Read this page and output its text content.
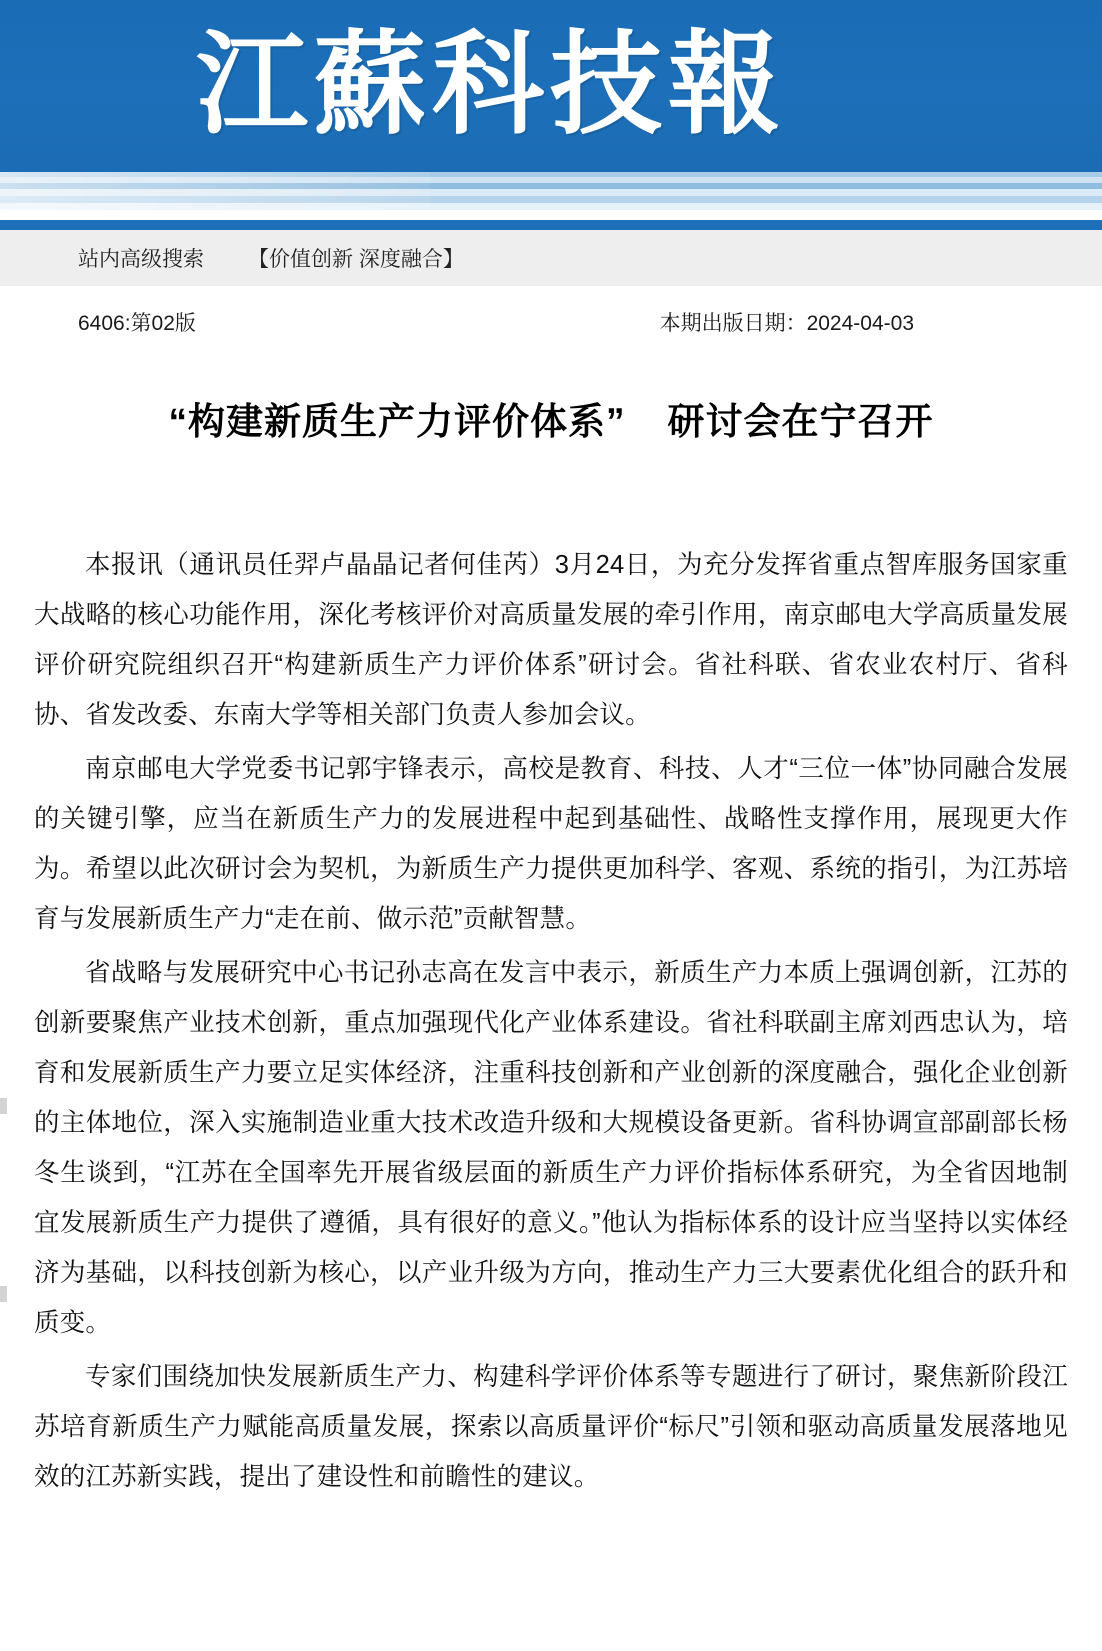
江蘇科技報
站内高级搜索 【价值创新 深度融合】
6406:第02版	本期出版日期：2024-04-03
“构建新质生产力评价体系” 研讨会在宁召开

本报讯（通讯员任羿卢晶晶记者何佳芮）3月24日，为充分发挥省重点智库服务国家重大战略的核心功能作用，深化考核评价对高质量发展的牵引作用，南京邮电大学高质量发展评价研究院组织召开“构建新质生产力评价体系”研讨会。省社科联、省农业农村厅、省科协、省发改委、东南大学等相关部门负责人参加会议。

南京邮电大学党委书记郭宇锋表示，高校是教育、科技、人才“三位一体”协同融合发展的关键引擎，应当在新质生产力的发展进程中起到基础性、战略性支撑作用，展现更大作为。希望以此次研讨会为契机，为新质生产力提供更加科学、客观、系统的指引，为江苏培育与发展新质生产力“走在前、做示范”贡献智慧。

省战略与发展研究中心书记孙志高在发言中表示，新质生产力本质上强调创新，江苏的创新要聚焦产业技术创新，重点加强现代化产业体系建设。省社科联副主席刘西忠认为，培育和发展新质生产力要立足实体经济，注重科技创新和产业创新的深度融合，强化企业创新的主体地位，深入实施制造业重大技术改造升级和大规模设备更新。省科协调宣部副部长杨冬生谈到，“江苏在全国率先开展省级层面的新质生产力评价指标体系研究，为全省因地制宜发展新质生产力提供了遵循，具有很好的意义。”他认为指标体系的设计应当坚持以实体经济为基础，以科技创新为核心，以产业升级为方向，推动生产力三大要素优化组合的跃升和质变。

专家们围绕加快发展新质生产力、构建科学评价体系等专题进行了研讨，聚焦新阶段江苏培育新质生产力赋能高质量发展，探索以高质量评价“标尺”引领和驱动高质量发展落地见效的江苏新实践，提出了建设性和前瞻性的建议。
